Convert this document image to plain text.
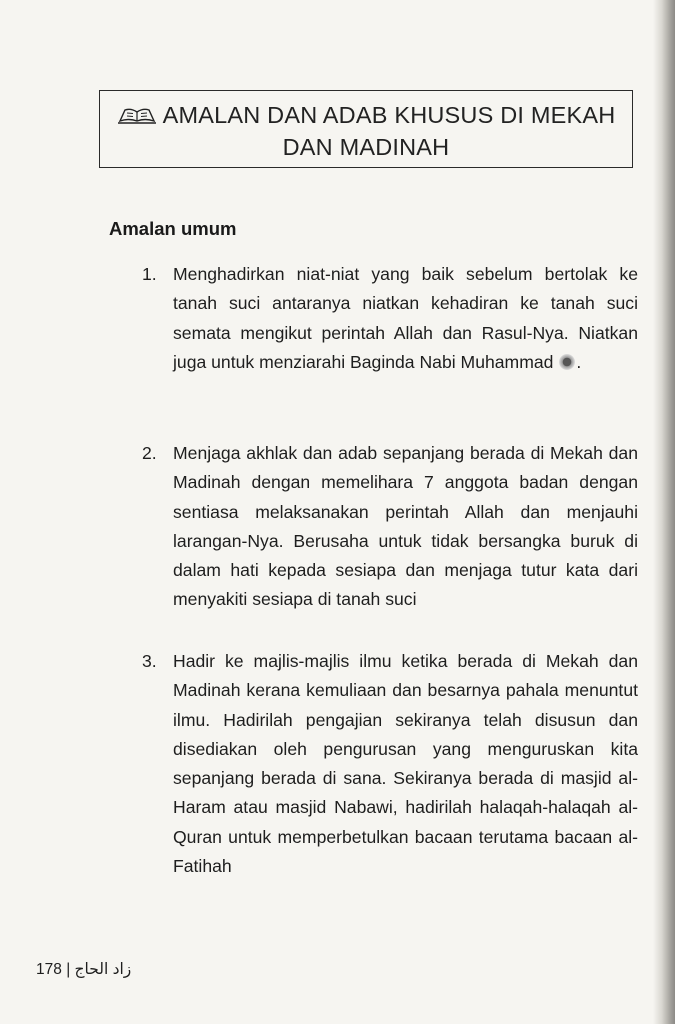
AMALAN DAN ADAB KHUSUS DI MEKAH
DAN MADINAH
Amalan umum
1. Menghadirkan niat-niat yang baik sebelum bertolak ke tanah suci antaranya niatkan kehadiran ke tanah suci semata mengikut perintah Allah dan Rasul-Nya. Niatkan juga untuk menziarahi Baginda Nabi Muhammad .
2. Menjaga akhlak dan adab sepanjang berada di Mekah dan Madinah dengan memelihara 7 anggota badan dengan sentiasa melaksanakan perintah Allah dan menjauhi larangan-Nya. Berusaha untuk tidak bersangka buruk di dalam hati kepada sesiapa dan menjaga tutur kata dari menyakiti sesiapa di tanah suci
3. Hadir ke majlis-majlis ilmu ketika berada di Mekah dan Madinah kerana kemuliaan dan besarnya pahala menuntut ilmu. Hadirilah pengajian sekiranya telah disusun dan disediakan oleh pengurusan yang menguruskan kita sepanjang berada di sana. Sekiranya berada di masjid al-Haram atau masjid Nabawi, hadirilah halaqah-halaqah al-Quran untuk memperbetulkan bacaan terutama bacaan al-Fatihah
178 | زاد الحاج
